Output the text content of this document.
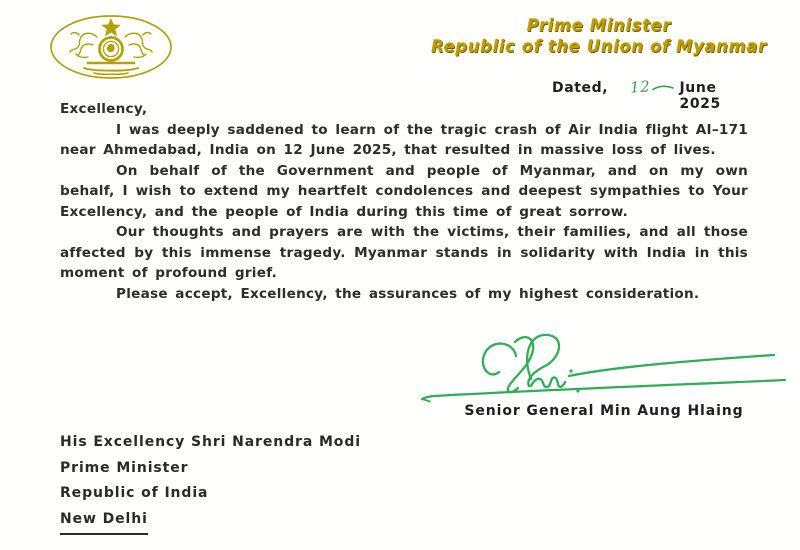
Prime Minister
Republic of the Union of Myanmar
Dated, 12 June 2025

Excellency,

I was deeply saddened to learn of the tragic crash of Air India flight AI–171 near Ahmedabad, India on 12 June 2025, that resulted in massive loss of lives.

On behalf of the Government and people of Myanmar, and on my own behalf, I wish to extend my heartfelt condolences and deepest sympathies to Your Excellency, and the people of India during this time of great sorrow.

Our thoughts and prayers are with the victims, their families, and all those affected by this immense tragedy. Myanmar stands in solidarity with India in this moment of profound grief.

Please accept, Excellency, the assurances of my highest consideration.

Senior General Min Aung Hlaing
His Excellency Shri Narendra Modi
Prime Minister
Republic of India
New Delhi
